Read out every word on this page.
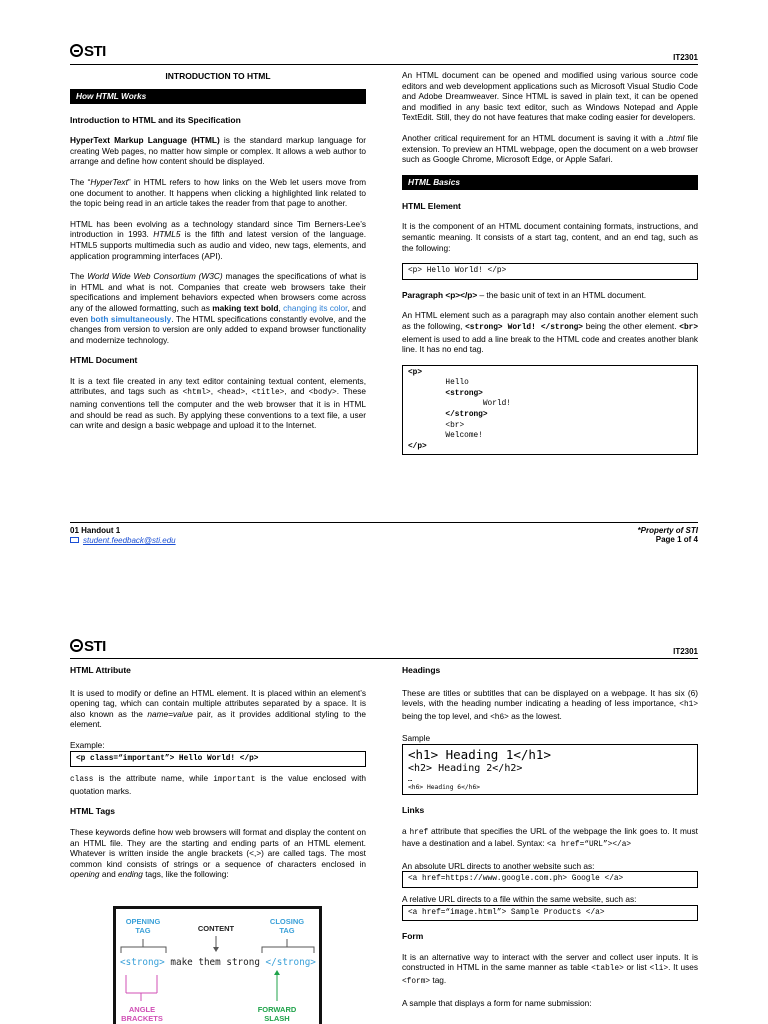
STI	IT2301
INTRODUCTION TO HTML
How HTML Works
Introduction to HTML and its Specification

HyperText Markup Language (HTML) is the standard markup language for creating Web pages, no matter how simple or complex. It allows a web author to arrange and define how content should be displayed.

The “HyperText” in HTML refers to how links on the Web let users move from one document to another. It happens when clicking a highlighted link related to the topic being read in an article takes the reader from that page to another.

HTML has been evolving as a technology standard since Tim Berners-Lee’s introduction in 1993. HTML5 is the fifth and latest version of the language. HTML5 supports multimedia such as audio and video, new tags, elements, and application programming interfaces (API).

The World Wide Web Consortium (W3C) manages the specifications of what is in HTML and what is not. Companies that create web browsers take their specifications and implement behaviors expected when browsers come across any of the allowed formatting, such as making text bold, changing its color, and even both simultaneously. The HTML specifications constantly evolve, and the changes from version to version are only added to expand browser functionality and modernize technology.

HTML Document

It is a text file created in any text editor containing textual content, elements, attributes, and tags such as <html>, <head>, <title>, and <body>. These naming conventions tell the computer and the web browser that it is in HTML and should be read as such. By applying these conventions to a text file, a user can write and design a basic webpage and upload it to the Internet.

An HTML document can be opened and modified using various source code editors and web development applications such as Microsoft Visual Studio Code and Adobe Dreamweaver. Since HTML is saved in plain text, it can be opened and modified in any basic text editor, such as Windows Notepad and Apple TextEdit. Still, they do not have features that make coding easier for developers.

Another critical requirement for an HTML document is saving it with a .html file extension. To preview an HTML webpage, open the document on a web browser such as Google Chrome, Microsoft Edge, or Apple Safari.

HTML Basics
HTML Element

It is the component of an HTML document containing formats, instructions, and semantic meaning. It consists of a start tag, content, and an end tag, such as the following:

<p> Hello World! </p>

Paragraph <p></p> – the basic unit of text in an HTML document.

An HTML element such as a paragraph may also contain another element such as the following, <strong> World! </strong> being the other element. <br> element is used to add a line break to the HTML code and creates another blank line. It has no end tag.

<p>
Hello
<strong>
World!
</strong>
<br>
Welcome!
</p>
01 Handout 1
student.feedback@sti.edu
*Property of STI
Page 1 of 4
STI	IT2301
HTML Attribute

It is used to modify or define an HTML element. It is placed within an element’s opening tag, which can contain multiple attributes separated by a space. It is also known as the name=value pair, as it provides additional styling to the element.

Example:
<p class=“important”> Hello World! </p>

class is the attribute name, while important is the value enclosed with quotation marks.

HTML Tags

These keywords define how web browsers will format and display the content on an HTML file. They are the starting and ending parts of an HTML element. Whatever is written inside the angle brackets (<,>) are called tags. The most common kind consists of strings or a sequence of characters enclosed in opening and ending tags, like the following:

OPENING
TAG	CONTENT
CLOSING
TAG
<strong> make them strong </strong>
ANGLE
BRACKETS
FORWARD
SLASH
Headings

These are titles or subtitles that can be displayed on a webpage. It has six (6) levels, with the heading number indicating a heading of less importance, <h1> being the top level, and <h6> as the lowest.

Sample
<h1> Heading 1</h1>
<h2> Heading 2</h2>
…
<h6> Heading 6</h6>
Links

a href attribute that specifies the URL of the webpage the link goes to. It must have a destination and a label. Syntax: <a href=“URL”></a>

An absolute URL directs to another website such as:
<a href=https://www.google.com.ph> Google </a>
A relative URL directs to a file within the same website, such as:
<a href=“image.html”> Sample Products </a>
Form

It is an alternative way to interact with the server and collect user inputs. It is constructed in HTML in the same manner as table <table> or list <li>. It uses <form> tag.

A sample that displays a form for name submission:
